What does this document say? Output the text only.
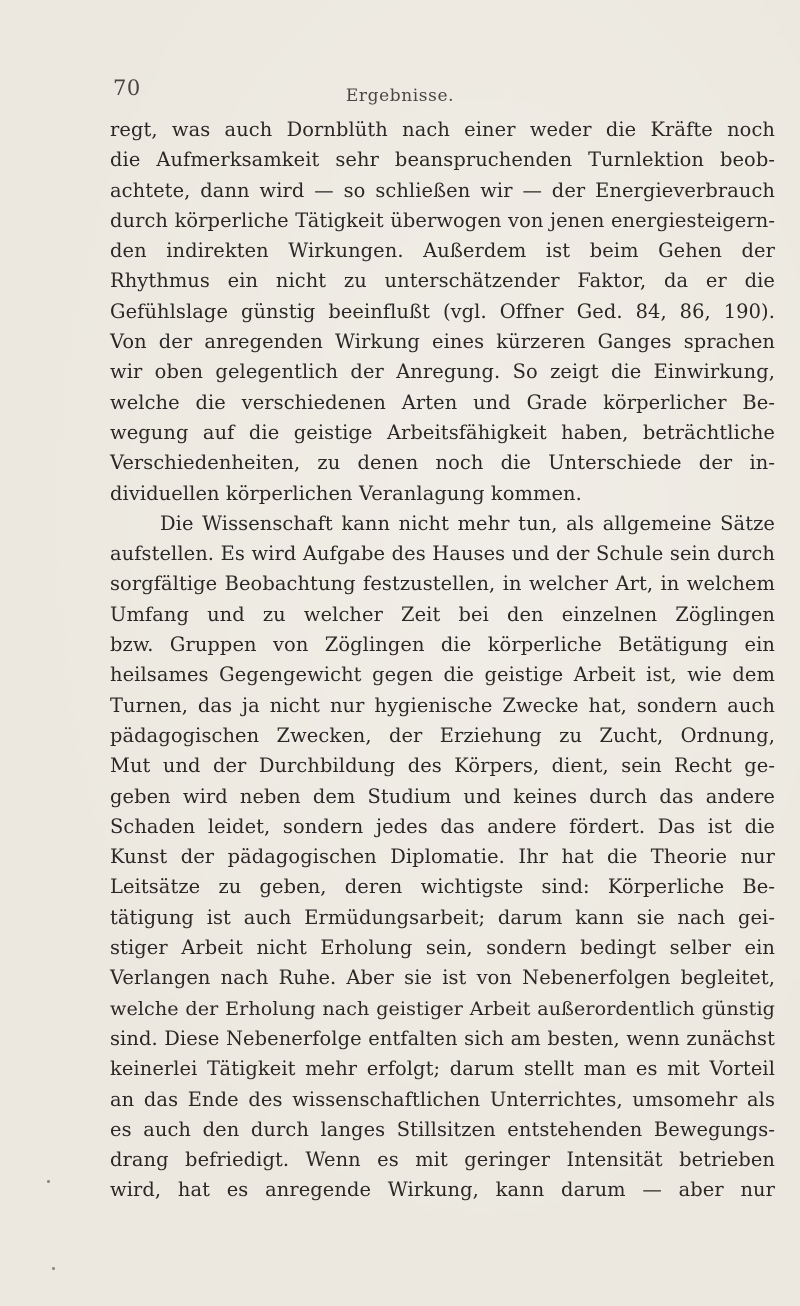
70	Ergebnisse.
regt, was auch Dornblüth nach einer weder die Kräfte noch
die Aufmerksamkeit sehr beanspruchenden Turnlektion beob-
achtete, dann wird — so schließen wir — der Energieverbrauch
durch körperliche Tätigkeit überwogen von jenen energiesteigern-
den indirekten Wirkungen. Außerdem ist beim Gehen der
Rhythmus ein nicht zu unterschätzender Faktor, da er die
Gefühlslage günstig beeinflußt (vgl. Offner Ged. 84, 86, 190).
Von der anregenden Wirkung eines kürzeren Ganges sprachen
wir oben gelegentlich der Anregung. So zeigt die Einwirkung,
welche die verschiedenen Arten und Grade körperlicher Be-
wegung auf die geistige Arbeitsfähigkeit haben, beträchtliche
Verschiedenheiten, zu denen noch die Unterschiede der in-
dividuellen körperlichen Veranlagung kommen.
Die Wissenschaft kann nicht mehr tun, als allgemeine Sätze
aufstellen. Es wird Aufgabe des Hauses und der Schule sein durch
sorgfältige Beobachtung festzustellen, in welcher Art, in welchem
Umfang und zu welcher Zeit bei den einzelnen Zöglingen
bzw. Gruppen von Zöglingen die körperliche Betätigung ein
heilsames Gegengewicht gegen die geistige Arbeit ist, wie dem
Turnen, das ja nicht nur hygienische Zwecke hat, sondern auch
pädagogischen Zwecken, der Erziehung zu Zucht, Ordnung,
Mut und der Durchbildung des Körpers, dient, sein Recht ge-
geben wird neben dem Studium und keines durch das andere
Schaden leidet, sondern jedes das andere fördert. Das ist die
Kunst der pädagogischen Diplomatie. Ihr hat die Theorie nur
Leitsätze zu geben, deren wichtigste sind: Körperliche Be-
tätigung ist auch Ermüdungsarbeit; darum kann sie nach gei-
stiger Arbeit nicht Erholung sein, sondern bedingt selber ein
Verlangen nach Ruhe. Aber sie ist von Nebenerfolgen begleitet,
welche der Erholung nach geistiger Arbeit außerordentlich günstig
sind. Diese Nebenerfolge entfalten sich am besten, wenn zunächst
keinerlei Tätigkeit mehr erfolgt; darum stellt man es mit Vorteil
an das Ende des wissenschaftlichen Unterrichtes, umsomehr als
es auch den durch langes Stillsitzen entstehenden Bewegungs-
drang befriedigt. Wenn es mit geringer Intensität betrieben
wird, hat es anregende Wirkung, kann darum — aber nur
